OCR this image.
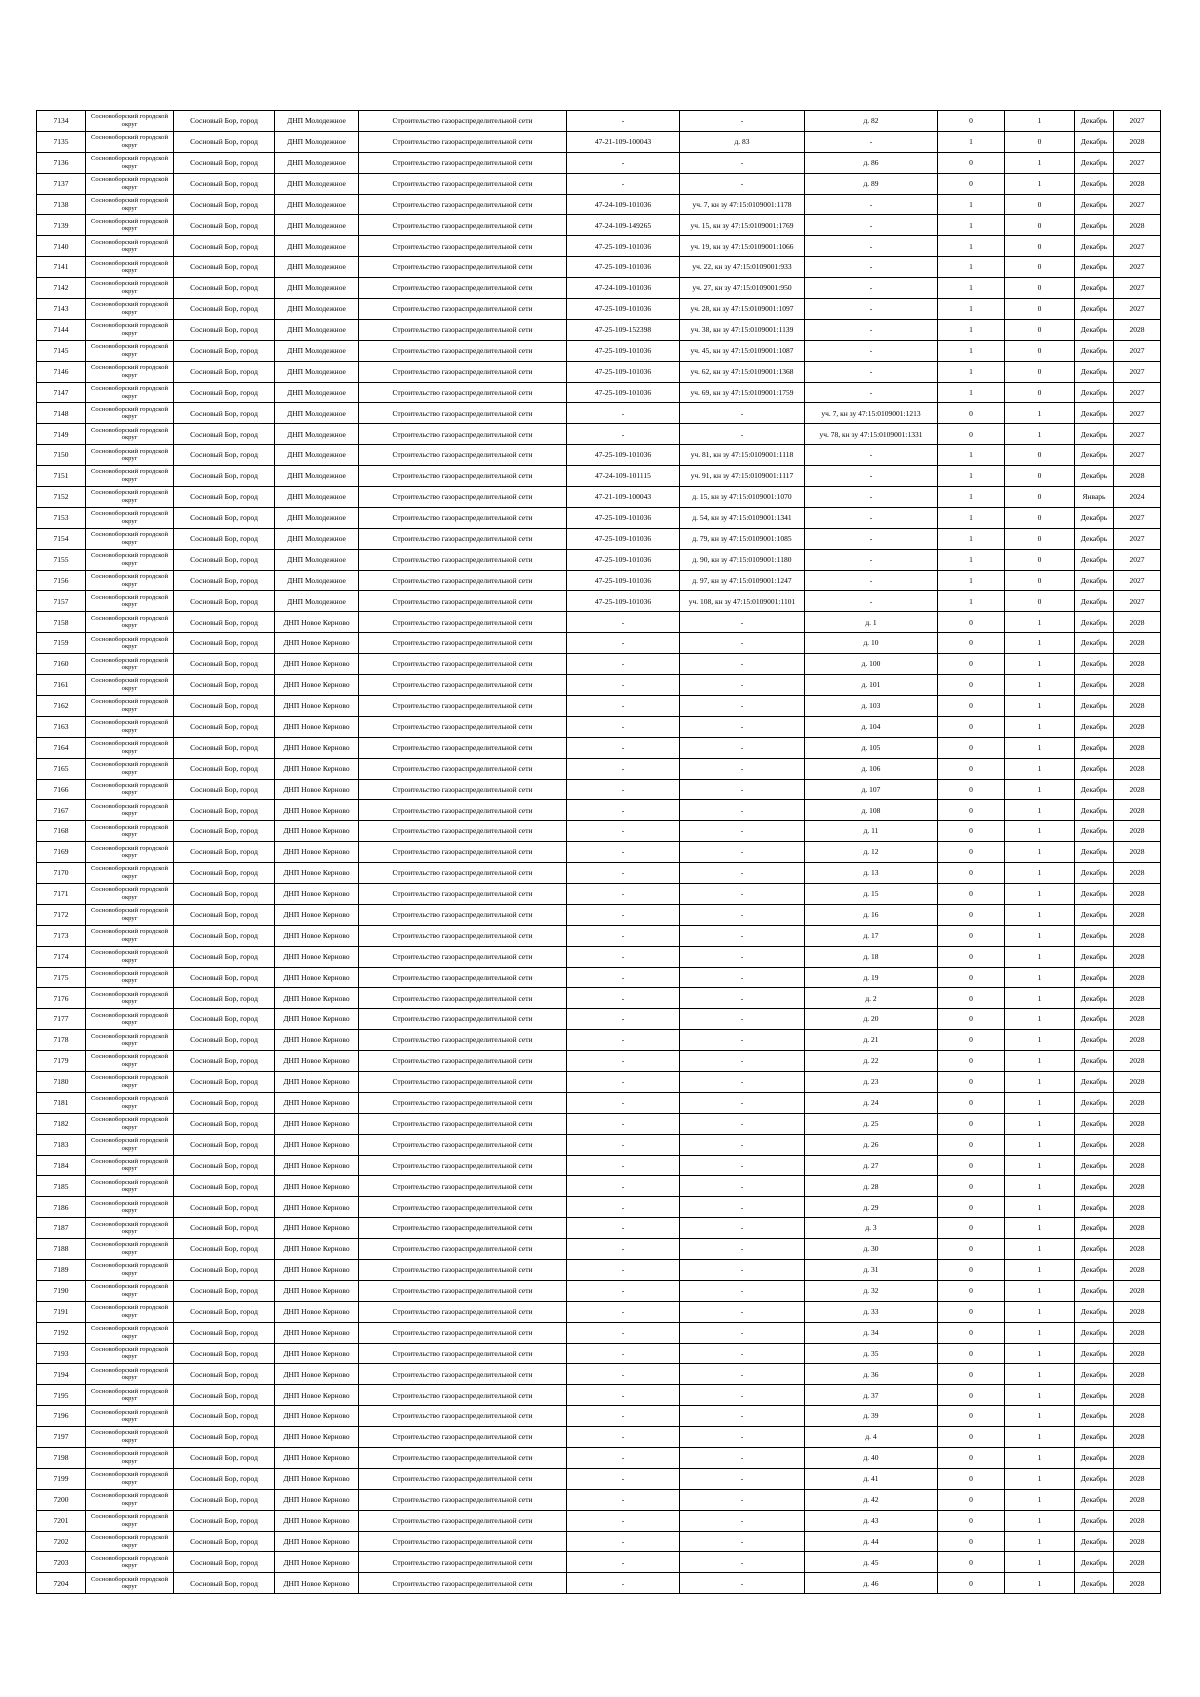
7134	Сосновоборский городской округ	Сосновый Бор, город	ДНП Молодежное	Строительство газораспределительной сети	-	-	д. 82	0	1	Декабрь	2027
7135	Сосновоборский городской округ	Сосновый Бор, город	ДНП Молодежное	Строительство газораспределительной сети	47-21-109-100043	д. 83	-	1	0	Декабрь	2028
7136	Сосновоборский городской округ	Сосновый Бор, город	ДНП Молодежное	Строительство газораспределительной сети	-	-	д. 86	0	1	Декабрь	2027
7137	Сосновоборский городской округ	Сосновый Бор, город	ДНП Молодежное	Строительство газораспределительной сети	-	-	д. 89	0	1	Декабрь	2028
7138	Сосновоборский городской округ	Сосновый Бор, город	ДНП Молодежное	Строительство газораспределительной сети	47-24-109-101036	уч. 7, кн зу 47:15:0109001:1178	-	1	0	Декабрь	2027
7139	Сосновоборский городской округ	Сосновый Бор, город	ДНП Молодежное	Строительство газораспределительной сети	47-24-109-149265	уч. 15, кн зу 47:15:0109001:1769	-	1	0	Декабрь	2028
7140	Сосновоборский городской округ	Сосновый Бор, город	ДНП Молодежное	Строительство газораспределительной сети	47-25-109-101036	уч. 19, кн зу 47:15:0109001:1066	-	1	0	Декабрь	2027
7141	Сосновоборский городской округ	Сосновый Бор, город	ДНП Молодежное	Строительство газораспределительной сети	47-25-109-101036	уч. 22, кн зу 47:15:0109001:933	-	1	0	Декабрь	2027
7142	Сосновоборский городской округ	Сосновый Бор, город	ДНП Молодежное	Строительство газораспределительной сети	47-24-109-101036	уч. 27, кн зу 47:15:0109001:950	-	1	0	Декабрь	2027
7143	Сосновоборский городской округ	Сосновый Бор, город	ДНП Молодежное	Строительство газораспределительной сети	47-25-109-101036	уч. 28, кн зу 47:15:0109001:1097	-	1	0	Декабрь	2027
7144	Сосновоборский городской округ	Сосновый Бор, город	ДНП Молодежное	Строительство газораспределительной сети	47-25-109-152398	уч. 38, кн зу 47:15:0109001:1139	-	1	0	Декабрь	2028
7145	Сосновоборский городской округ	Сосновый Бор, город	ДНП Молодежное	Строительство газораспределительной сети	47-25-109-101036	уч. 45, кн зу 47:15:0109001:1087	-	1	0	Декабрь	2027
7146	Сосновоборский городской округ	Сосновый Бор, город	ДНП Молодежное	Строительство газораспределительной сети	47-25-109-101036	уч. 62, кн зу 47:15:0109001:1368	-	1	0	Декабрь	2027
7147	Сосновоборский городской округ	Сосновый Бор, город	ДНП Молодежное	Строительство газораспределительной сети	47-25-109-101036	уч. 69, кн зу 47:15:0109001:1759	-	1	0	Декабрь	2027
7148	Сосновоборский городской округ	Сосновый Бор, город	ДНП Молодежное	Строительство газораспределительной сети	-	-	уч. 7, кн зу 47:15:0109001:1213	0	1	Декабрь	2027
7149	Сосновоборский городской округ	Сосновый Бор, город	ДНП Молодежное	Строительство газораспределительной сети	-	-	уч. 78, кн зу 47:15:0109001:1331	0	1	Декабрь	2027
7150	Сосновоборский городской округ	Сосновый Бор, город	ДНП Молодежное	Строительство газораспределительной сети	47-25-109-101036	уч. 81, кн зу 47:15:0109001:1118	-	1	0	Декабрь	2027
7151	Сосновоборский городской округ	Сосновый Бор, город	ДНП Молодежное	Строительство газораспределительной сети	47-24-109-101115	уч. 91, кн зу 47:15:0109001:1117	-	1	0	Декабрь	2028
7152	Сосновоборский городской округ	Сосновый Бор, город	ДНП Молодежное	Строительство газораспределительной сети	47-21-109-100043	д. 15, кн зу 47:15:0109001:1070	-	1	0	Январь	2024
7153	Сосновоборский городской округ	Сосновый Бор, город	ДНП Молодежное	Строительство газораспределительной сети	47-25-109-101036	д. 54, кн зу 47:15:0109001:1341	-	1	0	Декабрь	2027
7154	Сосновоборский городской округ	Сосновый Бор, город	ДНП Молодежное	Строительство газораспределительной сети	47-25-109-101036	д. 79, кн зу 47:15:0109001:1085	-	1	0	Декабрь	2027
7155	Сосновоборский городской округ	Сосновый Бор, город	ДНП Молодежное	Строительство газораспределительной сети	47-25-109-101036	д. 90, кн зу 47:15:0109001:1180	-	1	0	Декабрь	2027
7156	Сосновоборский городской округ	Сосновый Бор, город	ДНП Молодежное	Строительство газораспределительной сети	47-25-109-101036	д. 97, кн зу 47:15:0109001:1247	-	1	0	Декабрь	2027
7157	Сосновоборский городской округ	Сосновый Бор, город	ДНП Молодежное	Строительство газораспределительной сети	47-25-109-101036	уч. 108, кн зу 47:15:0109001:1101	-	1	0	Декабрь	2027
7158	Сосновоборский городской округ	Сосновый Бор, город	ДНП Новое Керново	Строительство газораспределительной сети	-	-	д. 1	0	1	Декабрь	2028
7159	Сосновоборский городской округ	Сосновый Бор, город	ДНП Новое Керново	Строительство газораспределительной сети	-	-	д. 10	0	1	Декабрь	2028
7160	Сосновоборский городской округ	Сосновый Бор, город	ДНП Новое Керново	Строительство газораспределительной сети	-	-	д. 100	0	1	Декабрь	2028
7161	Сосновоборский городской округ	Сосновый Бор, город	ДНП Новое Керново	Строительство газораспределительной сети	-	-	д. 101	0	1	Декабрь	2028
7162	Сосновоборский городской округ	Сосновый Бор, город	ДНП Новое Керново	Строительство газораспределительной сети	-	-	д. 103	0	1	Декабрь	2028
7163	Сосновоборский городской округ	Сосновый Бор, город	ДНП Новое Керново	Строительство газораспределительной сети	-	-	д. 104	0	1	Декабрь	2028
7164	Сосновоборский городской округ	Сосновый Бор, город	ДНП Новое Керново	Строительство газораспределительной сети	-	-	д. 105	0	1	Декабрь	2028
7165	Сосновоборский городской округ	Сосновый Бор, город	ДНП Новое Керново	Строительство газораспределительной сети	-	-	д. 106	0	1	Декабрь	2028
7166	Сосновоборский городской округ	Сосновый Бор, город	ДНП Новое Керново	Строительство газораспределительной сети	-	-	д. 107	0	1	Декабрь	2028
7167	Сосновоборский городской округ	Сосновый Бор, город	ДНП Новое Керново	Строительство газораспределительной сети	-	-	д. 108	0	1	Декабрь	2028
7168	Сосновоборский городской округ	Сосновый Бор, город	ДНП Новое Керново	Строительство газораспределительной сети	-	-	д. 11	0	1	Декабрь	2028
7169	Сосновоборский городской округ	Сосновый Бор, город	ДНП Новое Керново	Строительство газораспределительной сети	-	-	д. 12	0	1	Декабрь	2028
7170	Сосновоборский городской округ	Сосновый Бор, город	ДНП Новое Керново	Строительство газораспределительной сети	-	-	д. 13	0	1	Декабрь	2028
7171	Сосновоборский городской округ	Сосновый Бор, город	ДНП Новое Керново	Строительство газораспределительной сети	-	-	д. 15	0	1	Декабрь	2028
7172	Сосновоборский городской округ	Сосновый Бор, город	ДНП Новое Керново	Строительство газораспределительной сети	-	-	д. 16	0	1	Декабрь	2028
7173	Сосновоборский городской округ	Сосновый Бор, город	ДНП Новое Керново	Строительство газораспределительной сети	-	-	д. 17	0	1	Декабрь	2028
7174	Сосновоборский городской округ	Сосновый Бор, город	ДНП Новое Керново	Строительство газораспределительной сети	-	-	д. 18	0	1	Декабрь	2028
7175	Сосновоборский городской округ	Сосновый Бор, город	ДНП Новое Керново	Строительство газораспределительной сети	-	-	д. 19	0	1	Декабрь	2028
7176	Сосновоборский городской округ	Сосновый Бор, город	ДНП Новое Керново	Строительство газораспределительной сети	-	-	д. 2	0	1	Декабрь	2028
7177	Сосновоборский городской округ	Сосновый Бор, город	ДНП Новое Керново	Строительство газораспределительной сети	-	-	д. 20	0	1	Декабрь	2028
7178	Сосновоборский городской округ	Сосновый Бор, город	ДНП Новое Керново	Строительство газораспределительной сети	-	-	д. 21	0	1	Декабрь	2028
7179	Сосновоборский городской округ	Сосновый Бор, город	ДНП Новое Керново	Строительство газораспределительной сети	-	-	д. 22	0	1	Декабрь	2028
7180	Сосновоборский городской округ	Сосновый Бор, город	ДНП Новое Керново	Строительство газораспределительной сети	-	-	д. 23	0	1	Декабрь	2028
7181	Сосновоборский городской округ	Сосновый Бор, город	ДНП Новое Керново	Строительство газораспределительной сети	-	-	д. 24	0	1	Декабрь	2028
7182	Сосновоборский городской округ	Сосновый Бор, город	ДНП Новое Керново	Строительство газораспределительной сети	-	-	д. 25	0	1	Декабрь	2028
7183	Сосновоборский городской округ	Сосновый Бор, город	ДНП Новое Керново	Строительство газораспределительной сети	-	-	д. 26	0	1	Декабрь	2028
7184	Сосновоборский городской округ	Сосновый Бор, город	ДНП Новое Керново	Строительство газораспределительной сети	-	-	д. 27	0	1	Декабрь	2028
7185	Сосновоборский городской округ	Сосновый Бор, город	ДНП Новое Керново	Строительство газораспределительной сети	-	-	д. 28	0	1	Декабрь	2028
7186	Сосновоборский городской округ	Сосновый Бор, город	ДНП Новое Керново	Строительство газораспределительной сети	-	-	д. 29	0	1	Декабрь	2028
7187	Сосновоборский городской округ	Сосновый Бор, город	ДНП Новое Керново	Строительство газораспределительной сети	-	-	д. 3	0	1	Декабрь	2028
7188	Сосновоборский городской округ	Сосновый Бор, город	ДНП Новое Керново	Строительство газораспределительной сети	-	-	д. 30	0	1	Декабрь	2028
7189	Сосновоборский городской округ	Сосновый Бор, город	ДНП Новое Керново	Строительство газораспределительной сети	-	-	д. 31	0	1	Декабрь	2028
7190	Сосновоборский городской округ	Сосновый Бор, город	ДНП Новое Керново	Строительство газораспределительной сети	-	-	д. 32	0	1	Декабрь	2028
7191	Сосновоборский городской округ	Сосновый Бор, город	ДНП Новое Керново	Строительство газораспределительной сети	-	-	д. 33	0	1	Декабрь	2028
7192	Сосновоборский городской округ	Сосновый Бор, город	ДНП Новое Керново	Строительство газораспределительной сети	-	-	д. 34	0	1	Декабрь	2028
7193	Сосновоборский городской округ	Сосновый Бор, город	ДНП Новое Керново	Строительство газораспределительной сети	-	-	д. 35	0	1	Декабрь	2028
7194	Сосновоборский городской округ	Сосновый Бор, город	ДНП Новое Керново	Строительство газораспределительной сети	-	-	д. 36	0	1	Декабрь	2028
7195	Сосновоборский городской округ	Сосновый Бор, город	ДНП Новое Керново	Строительство газораспределительной сети	-	-	д. 37	0	1	Декабрь	2028
7196	Сосновоборский городской округ	Сосновый Бор, город	ДНП Новое Керново	Строительство газораспределительной сети	-	-	д. 39	0	1	Декабрь	2028
7197	Сосновоборский городской округ	Сосновый Бор, город	ДНП Новое Керново	Строительство газораспределительной сети	-	-	д. 4	0	1	Декабрь	2028
7198	Сосновоборский городской округ	Сосновый Бор, город	ДНП Новое Керново	Строительство газораспределительной сети	-	-	д. 40	0	1	Декабрь	2028
7199	Сосновоборский городской округ	Сосновый Бор, город	ДНП Новое Керново	Строительство газораспределительной сети	-	-	д. 41	0	1	Декабрь	2028
7200	Сосновоборский городской округ	Сосновый Бор, город	ДНП Новое Керново	Строительство газораспределительной сети	-	-	д. 42	0	1	Декабрь	2028
7201	Сосновоборский городской округ	Сосновый Бор, город	ДНП Новое Керново	Строительство газораспределительной сети	-	-	д. 43	0	1	Декабрь	2028
7202	Сосновоборский городской округ	Сосновый Бор, город	ДНП Новое Керново	Строительство газораспределительной сети	-	-	д. 44	0	1	Декабрь	2028
7203	Сосновоборский городской округ	Сосновый Бор, город	ДНП Новое Керново	Строительство газораспределительной сети	-	-	д. 45	0	1	Декабрь	2028
7204	Сосновоборский городской округ	Сосновый Бор, город	ДНП Новое Керново	Строительство газораспределительной сети	-	-	д. 46	0	1	Декабрь	2028
